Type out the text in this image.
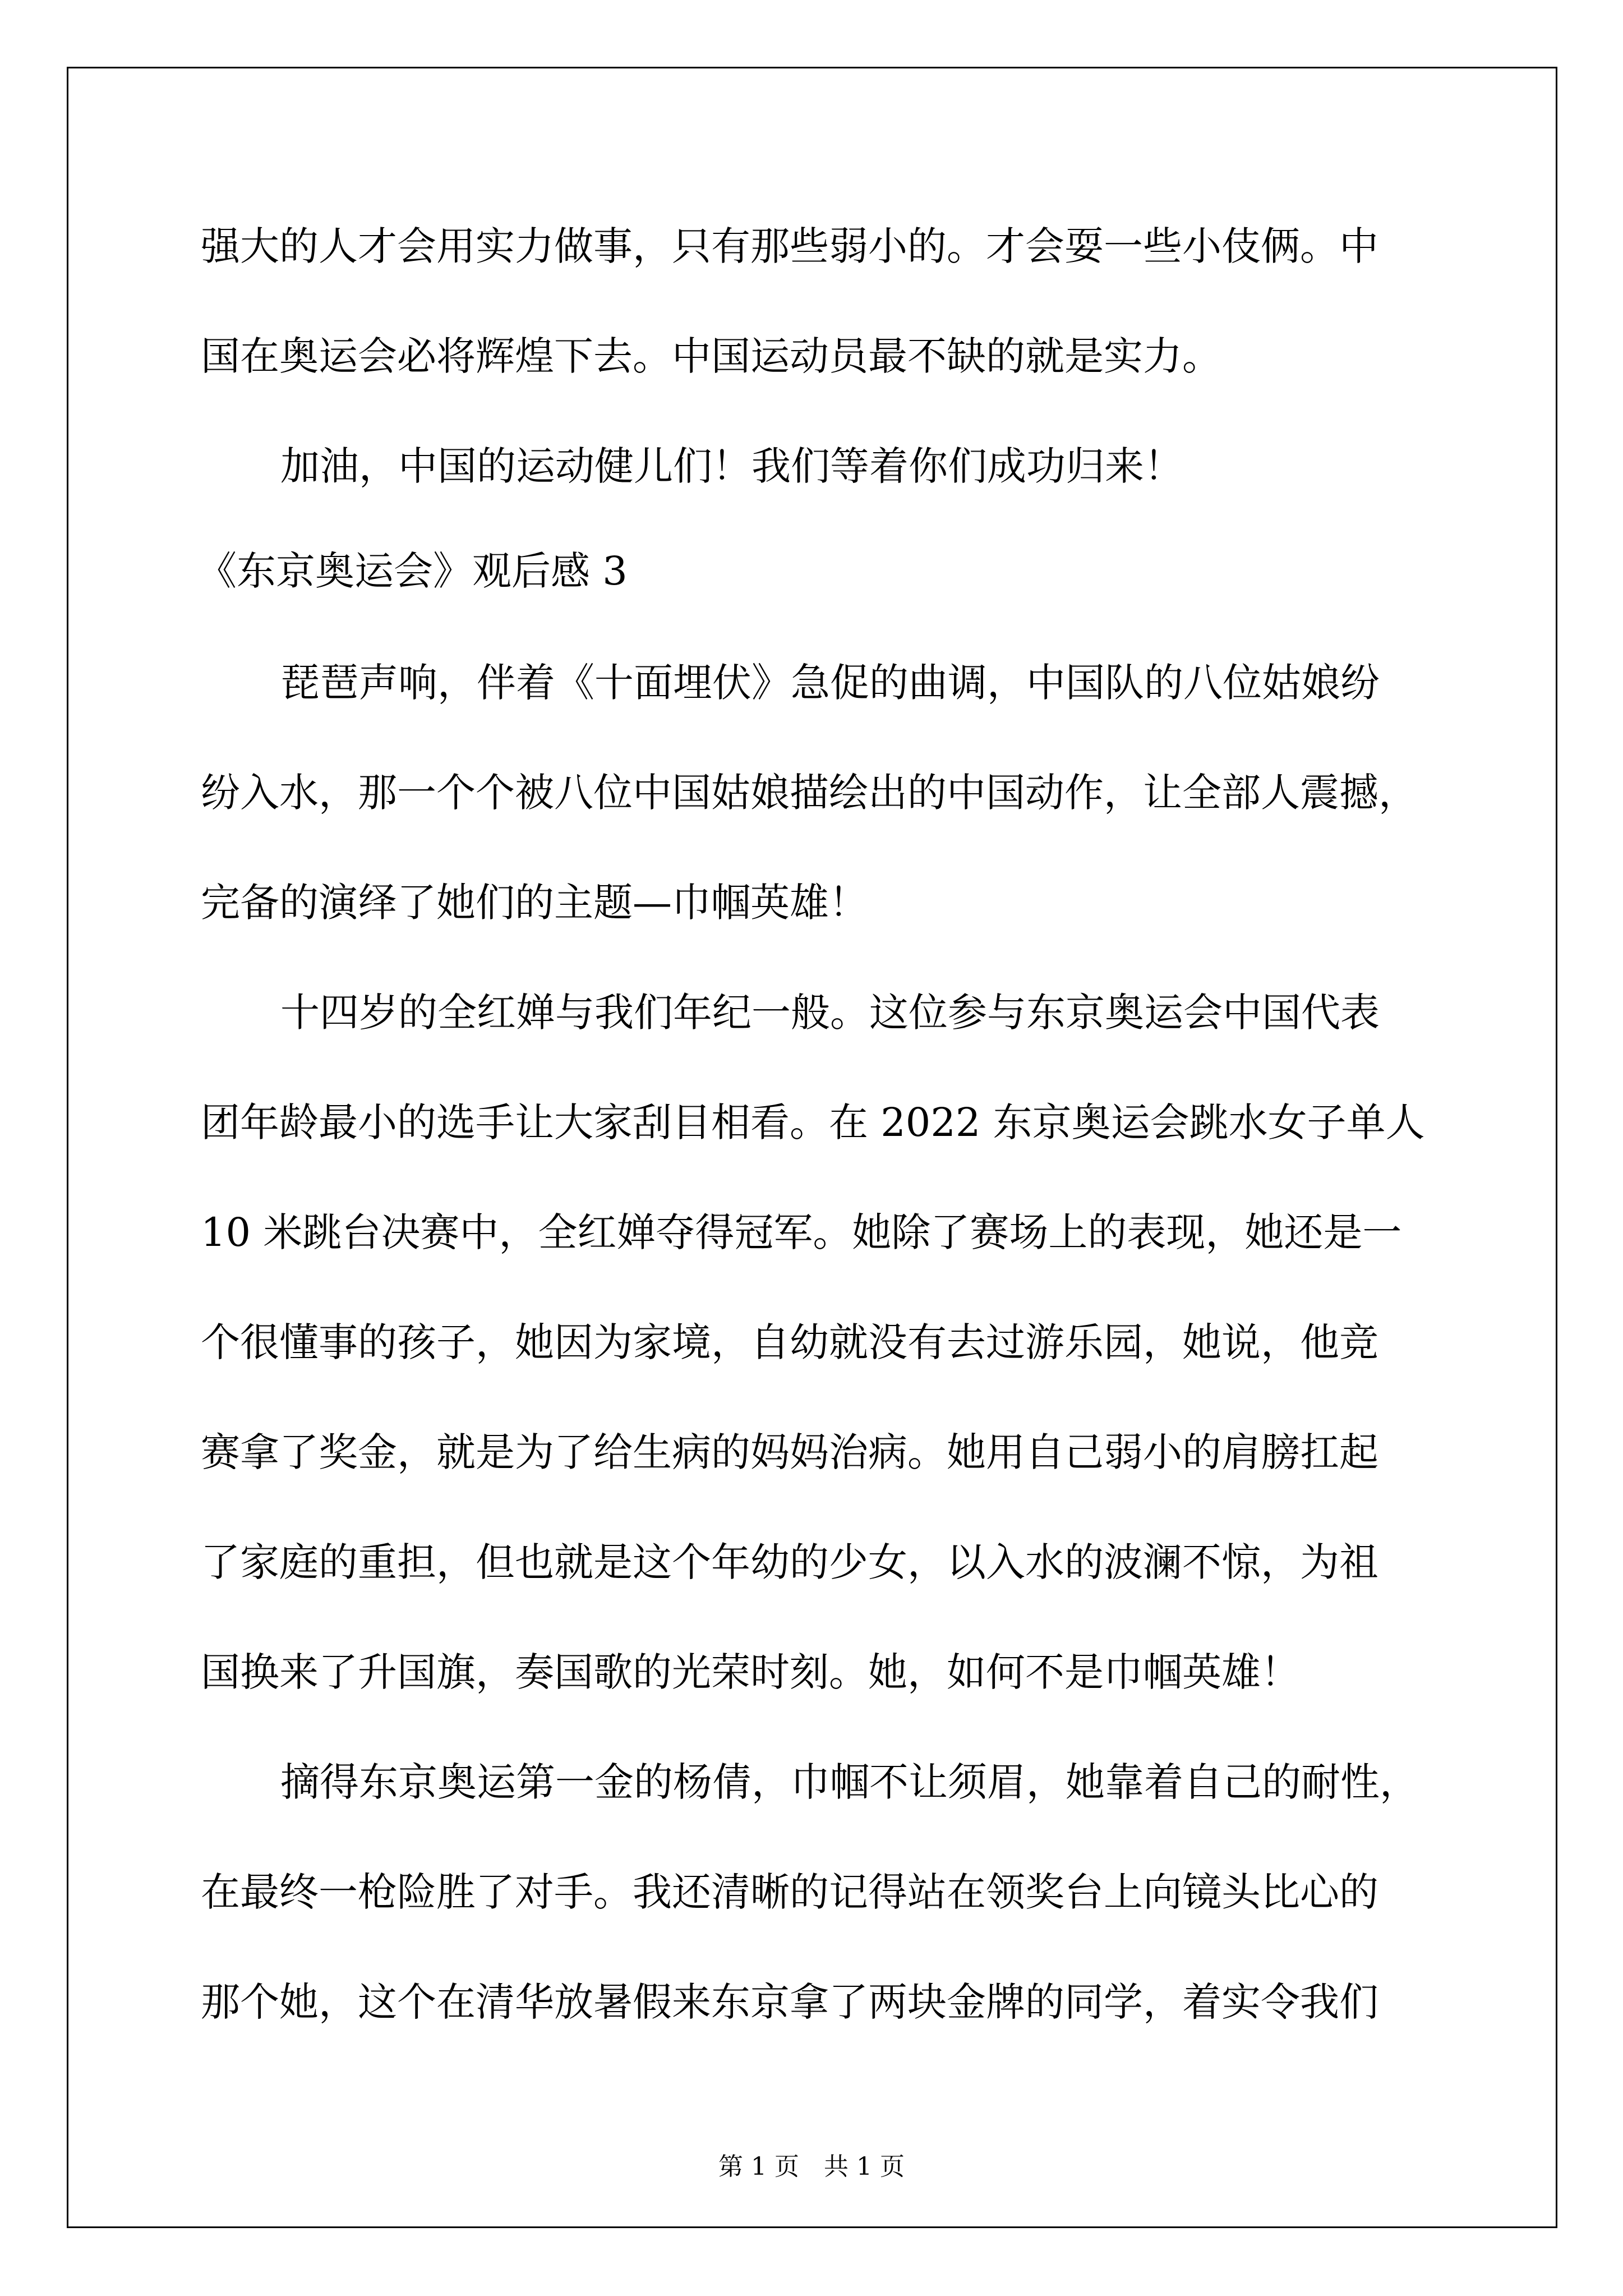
强大的人才会用实力做事，只有那些弱小的。才会耍一些小伎俩。中
国在奥运会必将辉煌下去。中国运动员最不缺的就是实力。
加油，中国的运动健儿们！我们等着你们成功归来！
《东京奥运会》观后感 3
琵琶声响，伴着《十面埋伏》急促的曲调，中国队的八位姑娘纷
纷入水，那一个个被八位中国姑娘描绘出的中国动作，让全部人震撼，
完备的演绎了她们的主题—巾帼英雄！
十四岁的全红婵与我们年纪一般。这位参与东京奥运会中国代表
团年龄最小的选手让大家刮目相看。在 2022 东京奥运会跳水女子单人
10 米跳台决赛中，全红婵夺得冠军。她除了赛场上的表现，她还是一
个很懂事的孩子，她因为家境，自幼就没有去过游乐园，她说，他竞
赛拿了奖金，就是为了给生病的妈妈治病。她用自己弱小的肩膀扛起
了家庭的重担，但也就是这个年幼的少女，以入水的波澜不惊，为祖
国换来了升国旗，奏国歌的光荣时刻。她，如何不是巾帼英雄！
摘得东京奥运第一金的杨倩，巾帼不让须眉，她靠着自己的耐性，
在最终一枪险胜了对手。我还清晰的记得站在领奖台上向镜头比心的
那个她，这个在清华放暑假来东京拿了两块金牌的同学，着实令我们
第 1 页 共 1 页
